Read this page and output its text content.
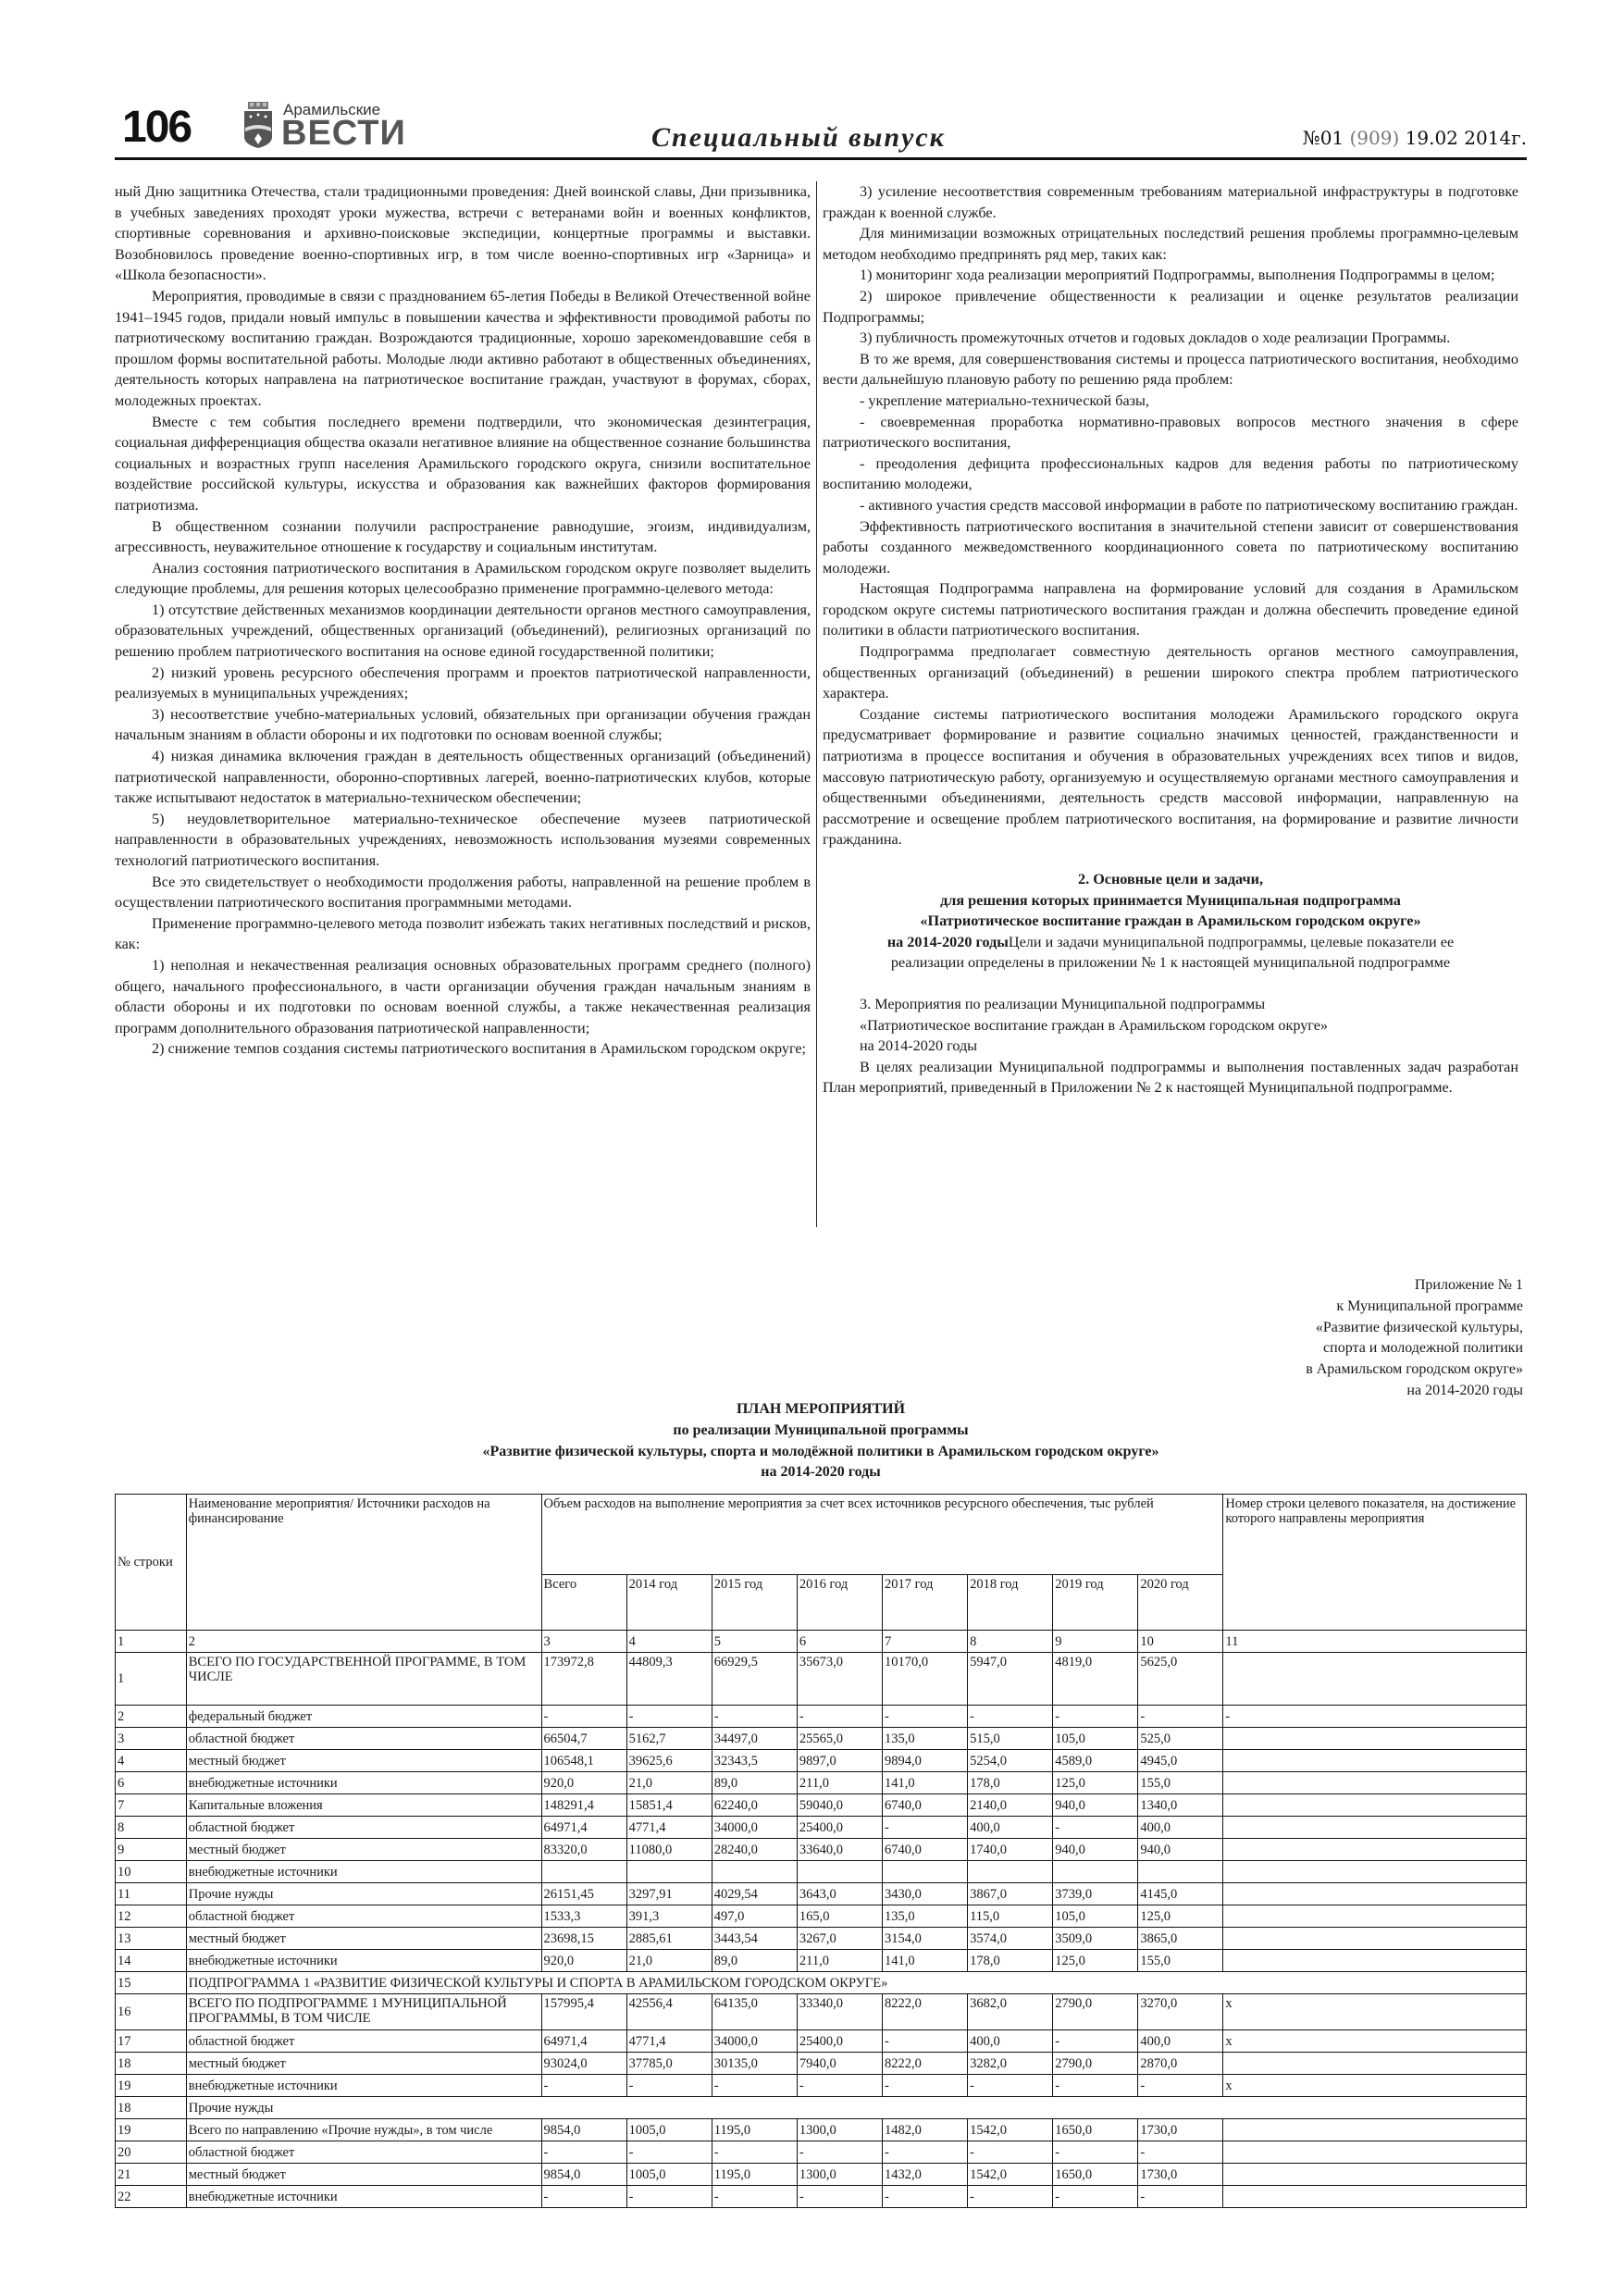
106	Арамильские
ВЕСТИ	Специальный выпуск	№01 (909) 19.02 2014г.

ный Дню защитника Отечества, стали традиционными проведения: Дней воинской славы, Дни призывника, в учебных заведениях проходят уроки мужества, встречи с ветеранами войн и военных конфликтов, спортивные соревнования и архивно-поисковые экспедиции, концертные программы и выставки. Возобновилось проведение военно-спортивных игр, в том числе военно-спортивных игр «Зарница» и «Школа безопасности».

Мероприятия, проводимые в связи с празднованием 65-летия Победы в Великой Отечественной войне 1941–1945 годов, придали новый импульс в повышении качества и эффективности проводимой работы по патриотическому воспитанию граждан. Возрождаются традиционные, хорошо зарекомендовавшие себя в прошлом формы воспитательной работы. Молодые люди активно работают в общественных объединениях, деятельность которых направлена на патриотическое воспитание граждан, участвуют в форумах, сборах, молодежных проектах.

Вместе с тем события последнего времени подтвердили, что экономическая дезинтеграция, социальная дифференциация общества оказали негативное влияние на общественное сознание большинства социальных и возрастных групп населения Арамильского городского округа, снизили воспитательное воздействие российской культуры, искусства и образования как важнейших факторов формирования патриотизма.

В общественном сознании получили распространение равнодушие, эгоизм, индивидуализм, агрессивность, неуважительное отношение к государству и социальным институтам.

Анализ состояния патриотического воспитания в Арамильском городском округе позволяет выделить следующие проблемы, для решения которых целесообразно применение программно-целевого метода:

1) отсутствие действенных механизмов координации деятельности органов местного самоуправления, образовательных учреждений, общественных организаций (объединений), религиозных организаций по решению проблем патриотического воспитания на основе единой государственной политики;

2) низкий уровень ресурсного обеспечения программ и проектов патриотической направленности, реализуемых в муниципальных учреждениях;

3) несоответствие учебно-материальных условий, обязательных при организации обучения граждан начальным знаниям в области обороны и их подготовки по основам военной службы;

4) низкая динамика включения граждан в деятельность общественных организаций (объединений) патриотической направленности, оборонно-спортивных лагерей, военно-патриотических клубов, которые также испытывают недостаток в материально-техническом обеспечении;

5) неудовлетворительное материально-техническое обеспечение музеев патриотической направленности в образовательных учреждениях, невозможность использования музеями современных технологий патриотического воспитания.

Все это свидетельствует о необходимости продолжения работы, направленной на решение проблем в осуществлении патриотического воспитания программными методами.

Применение программно-целевого метода позволит избежать таких негативных последствий и рисков, как:

1) неполная и некачественная реализация основных образовательных программ среднего (полного) общего, начального профессионального, в части организации обучения граждан начальным знаниям в области обороны и их подготовки по основам военной службы, а также некачественная реализация программ дополнительного образования патриотической направленности;

2) снижение темпов создания системы патриотического воспитания в Арамильском городском округе;

3) усиление несоответствия современным требованиям материальной инфраструктуры в подготовке граждан к военной службе.

Для минимизации возможных отрицательных последствий решения проблемы программно-целевым методом необходимо предпринять ряд мер, таких как:

1) мониторинг хода реализации мероприятий Подпрограммы, выполнения Подпрограммы в целом;

2) широкое привлечение общественности к реализации и оценке результатов реализации Подпрограммы;

3) публичность промежуточных отчетов и годовых докладов о ходе реализации Программы.

В то же время, для совершенствования системы и процесса патриотического воспитания, необходимо вести дальнейшую плановую работу по решению ряда проблем:

- укрепление материально-технической базы,

- своевременная проработка нормативно-правовых вопросов местного значения в сфере патриотического воспитания,

- преодоления дефицита профессиональных кадров для ведения работы по патриотическому воспитанию молодежи,

- активного участия средств массовой информации в работе по патриотическому воспитанию граждан.

Эффективность патриотического воспитания в значительной степени зависит от совершенствования работы созданного межведомственного координационного совета по патриотическому воспитанию молодежи.

Настоящая Подпрограмма направлена на формирование условий для создания в Арамильском городском округе системы патриотического воспитания граждан и должна обеспечить проведение единой политики в области патриотического воспитания.

Подпрограмма предполагает совместную деятельность органов местного самоуправления, общественных организаций (объединений) в решении широкого спектра проблем патриотического характера.

Создание системы патриотического воспитания молодежи Арамильского городского округа предусматривает формирование и развитие социально значимых ценностей, гражданственности и патриотизма в процессе воспитания и обучения в образовательных учреждениях всех типов и видов, массовую патриотическую работу, организуемую и осуществляемую органами местного самоуправления и общественными объединениями, деятельность средств массовой информации, направленную на рассмотрение и освещение проблем патриотического воспитания, на формирование и развитие личности гражданина.

2. Основные цели и задачи,

для решения которых принимается Муниципальная подпрограмма

«Патриотическое воспитание граждан в Арамильском городском округе»

на 2014-2020 годыЦели и задачи муниципальной подпрограммы, целевые показатели ее

реализации определены в приложении № 1 к настоящей муниципальной подпрограмме

3. Мероприятия по реализации Муниципальной подпрограммы

«Патриотическое воспитание граждан в Арамильском городском округе»

на 2014-2020 годы

В целях реализации Муниципальной подпрограммы и выполнения поставленных задач разработан План мероприятий, приведенный в Приложении № 2 к настоящей Муниципальной подпрограмме.

Приложение № 1
к Муниципальной программе
«Развитие физической культуры,
спорта и молодежной политики
в Арамильском городском округе»
на 2014-2020 годы
ПЛАН МЕРОПРИЯТИЙ
по реализации Муниципальной программы
«Развитие физической культуры, спорта и молодёжной политики в Арамильском городском округе»
на 2014-2020 годы
№ строки	Наименование мероприятия/ Источники расходов на финансирование	Объем расходов на выполнение мероприятия за счет всех источников ресурсного обеспечения, тыс рублей								Номер строки целевого показателя, на достижение которого направлены мероприятия
		Всего	2014 год	2015 год	2016 год	2017 год	2018 год	2019 год	2020 год	
1	2	3	4	5	6	7	8	9	10	11
1	ВСЕГО ПО ГОСУДАРСТВЕННОЙ ПРОГРАММЕ, В ТОМ ЧИСЛЕ	173972,8	44809,3	66929,5	35673,0	10170,0	5947,0	4819,0	5625,0	
2	федеральный бюджет	-	-	-	-	-	-	-	-	-
3	областной бюджет	66504,7	5162,7	34497,0	25565,0	135,0	515,0	105,0	525,0	
4	местный бюджет	106548,1	39625,6	32343,5	9897,0	9894,0	5254,0	4589,0	4945,0	
6	внебюджетные источники	920,0	21,0	89,0	211,0	141,0	178,0	125,0	155,0	
7	Капитальные вложения	148291,4	15851,4	62240,0	59040,0	6740,0	2140,0	940,0	1340,0	
8	областной бюджет	64971,4	4771,4	34000,0	25400,0	-	400,0	-	400,0	
9	местный бюджет	83320,0	11080,0	28240,0	33640,0	6740,0	1740,0	940,0	940,0	
10	внебюджетные источники									
11	Прочие нужды	26151,45	3297,91	4029,54	3643,0	3430,0	3867,0	3739,0	4145,0	
12	областной бюджет	1533,3	391,3	497,0	165,0	135,0	115,0	105,0	125,0	
13	местный бюджет	23698,15	2885,61	3443,54	3267,0	3154,0	3574,0	3509,0	3865,0	
14	внебюджетные источники	920,0	21,0	89,0	211,0	141,0	178,0	125,0	155,0	
15	ПОДПРОГРАММА 1 «РАЗВИТИЕ ФИЗИЧЕСКОЙ КУЛЬТУРЫ И СПОРТА В АРАМИЛЬСКОМ ГОРОДСКОМ ОКРУГЕ»									
16	ВСЕГО ПО ПОДПРОГРАММЕ 1 МУНИЦИПАЛЬНОЙ ПРОГРАММЫ, В ТОМ ЧИСЛЕ	157995,4	42556,4	64135,0	33340,0	8222,0	3682,0	2790,0	3270,0	x
17	областной бюджет	64971,4	4771,4	34000,0	25400,0	-	400,0	-	400,0	x
18	местный бюджет	93024,0	37785,0	30135,0	7940,0	8222,0	3282,0	2790,0	2870,0	
19	внебюджетные источники	-	-	-	-	-	-	-	-	x
18	Прочие нужды									
19	Всего по направлению «Прочие нужды», в том числе	9854,0	1005,0	1195,0	1300,0	1482,0	1542,0	1650,0	1730,0	
20	областной бюджет	-	-	-	-	-	-	-	-	
21	местный бюджет	9854,0	1005,0	1195,0	1300,0	1432,0	1542,0	1650,0	1730,0	
22	внебюджетные источники	-	-	-	-	-	-	-	-	
